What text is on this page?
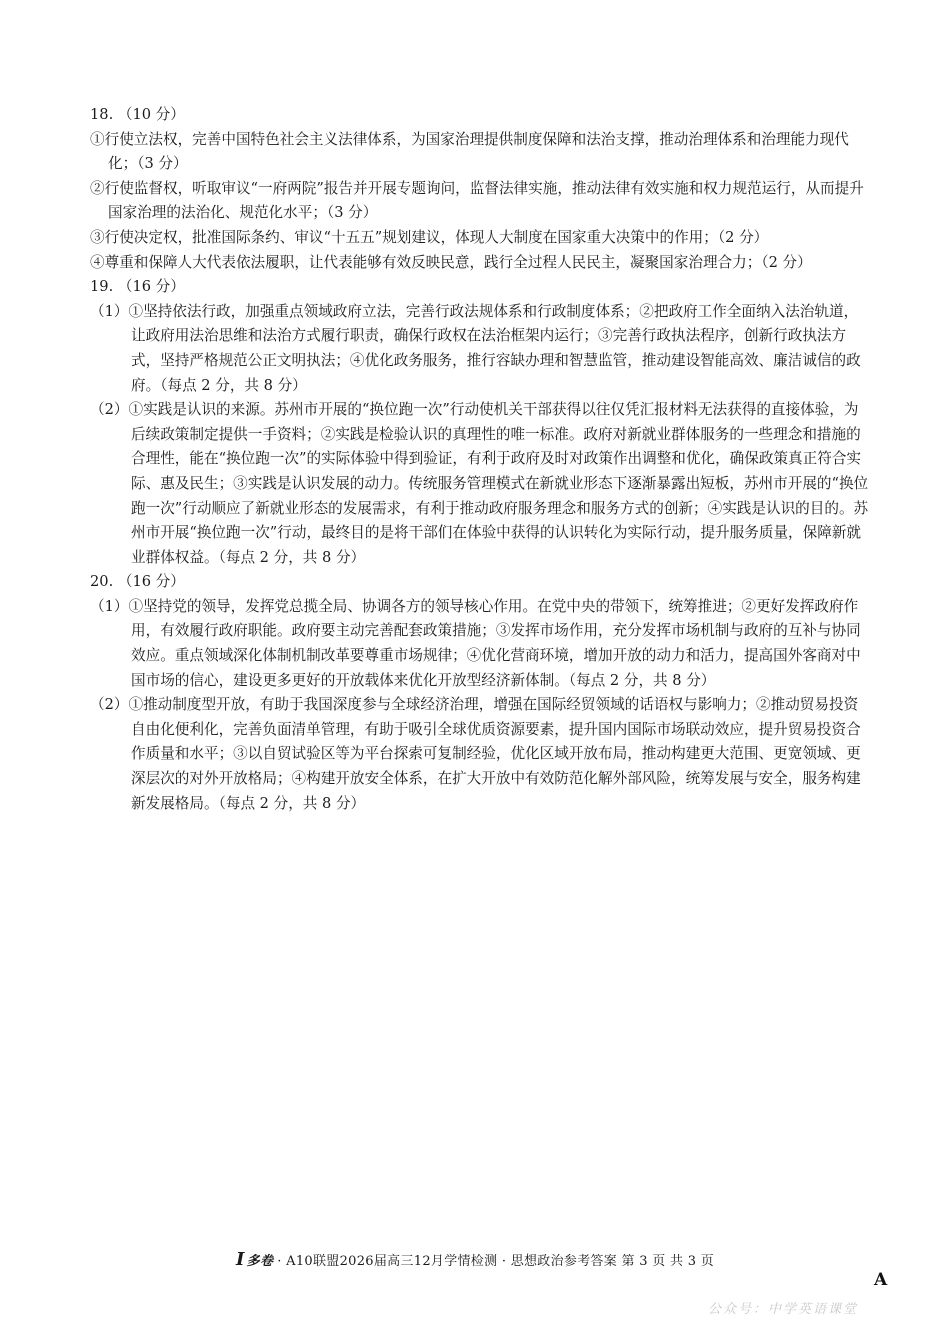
18. （10 分）

①行使立法权，完善中国特色社会主义法律体系，为国家治理提供制度保障和法治支撑，推动治理体系和治理能力现代化；（3 分）

②行使监督权，听取审议“一府两院”报告并开展专题询问，监督法律实施，推动法律有效实施和权力规范运行，从而提升国家治理的法治化、规范化水平；（3 分）

③行使决定权，批准国际条约、审议“十五五”规划建议，体现人大制度在国家重大决策中的作用；（2 分）

④尊重和保障人大代表依法履职，让代表能够有效反映民意，践行全过程人民民主，凝聚国家治理合力；（2 分）

19. （16 分）

（1）①坚持依法行政，加强重点领域政府立法，完善行政法规体系和行政制度体系；②把政府工作全面纳入法治轨道，让政府用法治思维和法治方式履行职责，确保行政权在法治框架内运行；③完善行政执法程序，创新行政执法方式，坚持严格规范公正文明执法；④优化政务服务，推行容缺办理和智慧监管，推动建设智能高效、廉洁诚信的政府。（每点 2 分，共 8 分）

（2）①实践是认识的来源。苏州市开展的“换位跑一次”行动使机关干部获得以往仅凭汇报材料无法获得的直接体验，为后续政策制定提供一手资料；②实践是检验认识的真理性的唯一标准。政府对新就业群体服务的一些理念和措施的合理性，能在“换位跑一次”的实际体验中得到验证，有利于政府及时对政策作出调整和优化，确保政策真正符合实际、惠及民生；③实践是认识发展的动力。传统服务管理模式在新就业形态下逐渐暴露出短板，苏州市开展的“换位跑一次”行动顺应了新就业形态的发展需求，有利于推动政府服务理念和服务方式的创新；④实践是认识的目的。苏州市开展“换位跑一次”行动，最终目的是将干部们在体验中获得的认识转化为实际行动，提升服务质量，保障新就业群体权益。（每点 2 分，共 8 分）

20. （16 分）

（1）①坚持党的领导，发挥党总揽全局、协调各方的领导核心作用。在党中央的带领下，统筹推进；②更好发挥政府作用，有效履行政府职能。政府要主动完善配套政策措施；③发挥市场作用，充分发挥市场机制与政府的互补与协同效应。重点领域深化体制机制改革要尊重市场规律；④优化营商环境，增加开放的动力和活力，提高国外客商对中国市场的信心，建设更多更好的开放载体来优化开放型经济新体制。（每点 2 分，共 8 分）

（2）①推动制度型开放，有助于我国深度参与全球经济治理，增强在国际经贸领域的话语权与影响力；②推动贸易投资自由化便利化，完善负面清单管理，有助于吸引全球优质资源要素，提升国内国际市场联动效应，提升贸易投资合作质量和水平；③以自贸试验区等为平台探索可复制经验，优化区域开放布局，推动构建更大范围、更宽领域、更深层次的对外开放格局；④构建开放安全体系，在扩大开放中有效防范化解外部风险，统筹发展与安全，服务构建新发展格局。（每点 2 分，共 8 分）

Ⅰ 多卷 · A10联盟2026届高三12月学情检测 · 思想政治参考答案 第 3 页 共 3 页
A
公众号：中学英语课堂
